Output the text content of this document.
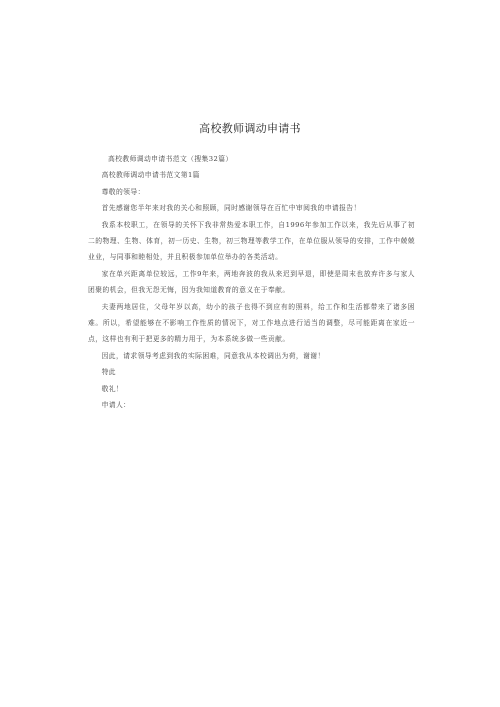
高校教师调动申请书

高校教师调动申请书范文（搜集32篇）

高校教师调动申请书范文第1篇

尊敬的领导：

首先感谢您半年来对我的关心和照顾，同时感谢领导在百忙中审阅我的申请报告！

我系本校职工，在领导的关怀下我非常热爱本职工作，自1996年参加工作以来，我先后从事了初二的物理、生物、体育，初一历史、生物，初三物理等教学工作，在单位服从领导的安排，工作中兢兢业业，与同事和睦相处，并且积极参加单位举办的各类活动。

家在单兴距离单位较远，工作9年来，两地奔波的我从来迟到早退，即使是周末也放弃许多与家人团聚的机会，但我无怨无悔，因为我知道教育的意义在于奉献。

夫妻两地居住，父母年岁以高，幼小的孩子也得不到应有的照料，给工作和生活都带来了诸多困难。所以，希望能够在不影响工作性质的情况下，对工作地点进行适当的调整，尽可能距离在家近一点，这样也有利于把更多的精力用于，为本系统多做一些贡献。

因此，请求领导考虑到我的实际困难，同意我从本校调出为荷，谢谢！

特此

敬礼！

申请人：
